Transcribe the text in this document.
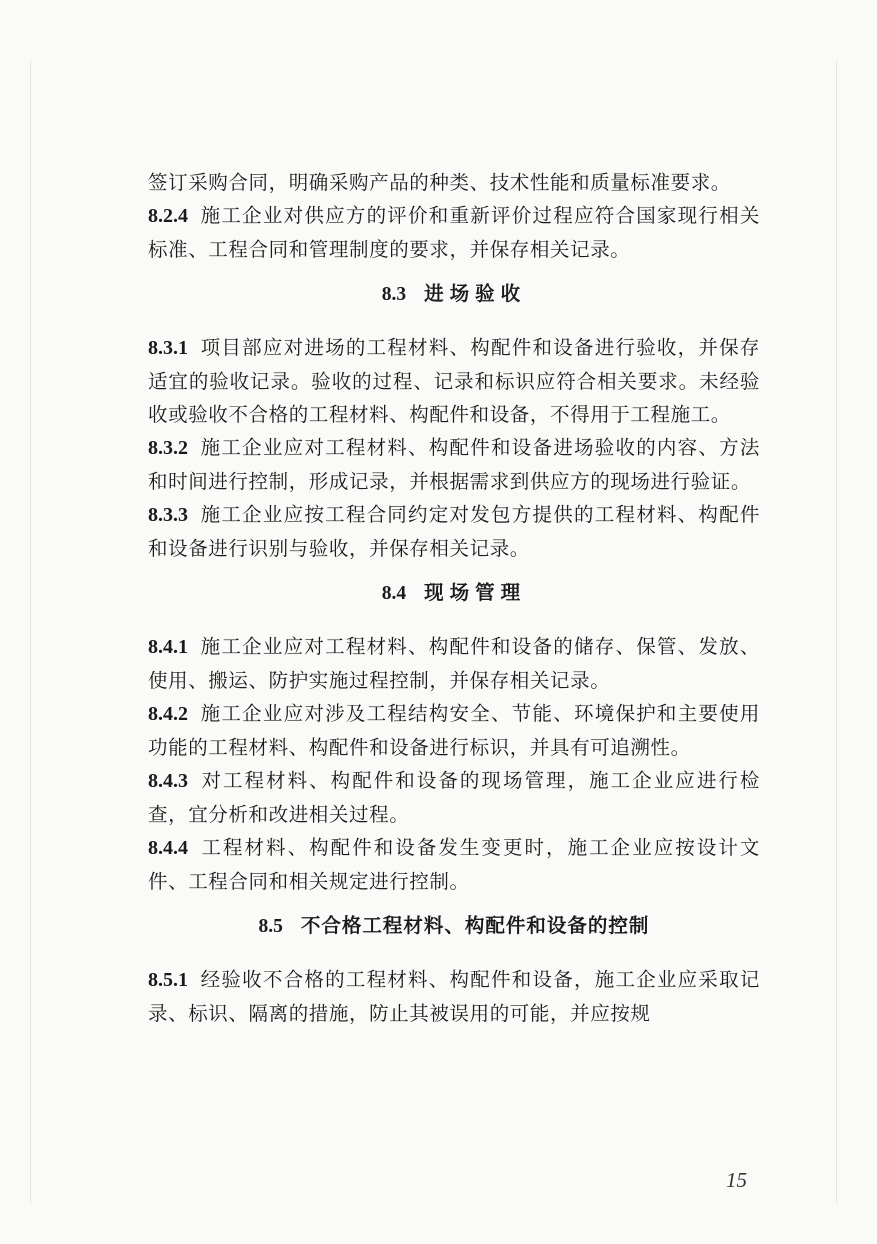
签订采购合同，明确采购产品的种类、技术性能和质量标准要求。

8.2.4 施工企业对供应方的评价和重新评价过程应符合国家现行相关标准、工程合同和管理制度的要求，并保存相关记录。

8.3 进场验收

8.3.1 项目部应对进场的工程材料、构配件和设备进行验收，并保存适宜的验收记录。验收的过程、记录和标识应符合相关要求。未经验收或验收不合格的工程材料、构配件和设备，不得用于工程施工。

8.3.2 施工企业应对工程材料、构配件和设备进场验收的内容、方法和时间进行控制，形成记录，并根据需求到供应方的现场进行验证。

8.3.3 施工企业应按工程合同约定对发包方提供的工程材料、构配件和设备进行识别与验收，并保存相关记录。

8.4 现场管理

8.4.1 施工企业应对工程材料、构配件和设备的储存、保管、发放、使用、搬运、防护实施过程控制，并保存相关记录。

8.4.2 施工企业应对涉及工程结构安全、节能、环境保护和主要使用功能的工程材料、构配件和设备进行标识，并具有可追溯性。

8.4.3 对工程材料、构配件和设备的现场管理，施工企业应进行检查，宜分析和改进相关过程。

8.4.4 工程材料、构配件和设备发生变更时，施工企业应按设计文件、工程合同和相关规定进行控制。

8.5 不合格工程材料、构配件和设备的控制

8.5.1 经验收不合格的工程材料、构配件和设备，施工企业应采取记录、标识、隔离的措施，防止其被误用的可能，并应按规

15
